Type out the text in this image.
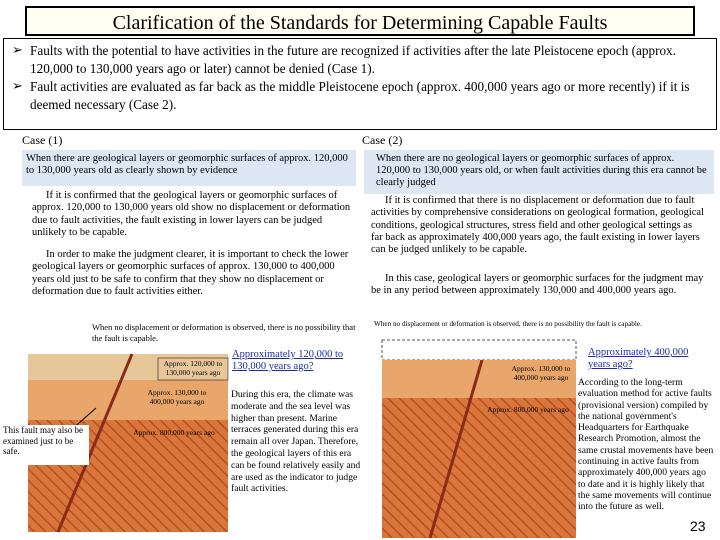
Clarification of the Standards for Determining Capable Faults
➢ Faults with the potential to have activities in the future are recognized if activities after the late Pleistocene epoch (approx. 120,000 to 130,000 years ago or later) cannot be denied (Case 1).
➢ Fault activities are evaluated as far back as the middle Pleistocene epoch (approx. 400,000 years ago or more recently) if it is deemed necessary (Case 2).
Case (1)
When there are geological layers or geomorphic surfaces of approx. 120,000 to 130,000 years old as clearly shown by evidence
If it is confirmed that the geological layers or geomorphic surfaces of approx. 120,000 to 130,000 years old show no displacement or deformation due to fault activities, the fault existing in lower layers can be judged unlikely to be capable.
In order to make the judgment clearer, it is important to check the lower geological layers or geomorphic surfaces of approx. 130,000 to 400,000 years old just to be safe to confirm that they show no displacement or deformation due to fault activities either.
When no displacement or deformation is observed, there is no possibility that the fault is capable.
Approx. 120,000 to 130,000 years ago
Approx. 130,000 to 400,000 years ago
Approx. 800,000 years ago
This fault may also be examined just to be safe.
Approximately 120,000 to 130,000 years ago?
During this era, the climate was moderate and the sea level was higher than present. Marine terraces generated during this era remain all over Japan. Therefore, the geological layers of this era can be found relatively easily and are used as the indicator to judge fault activities.
Case (2)
When there are no geological layers or geomorphic surfaces of approx. 120,000 to 130,000 years old, or when fault activities during this era cannot be clearly judged
If it is confirmed that there is no displacement or deformation due to fault activities by comprehensive considerations on geological formation, geological conditions, geological structures, stress field and other geological settings as far back as approximately 400,000 years ago, the fault existing in lower layers can be judged unlikely to be capable.
In this case, geological layers or geomorphic surfaces for the judgment may be in any period between approximately 130,000 and 400,000 years ago.
When no displacement or deformation is observed, there is no possibility the fault is capable.
Approx. 130,000 to 400,000 years ago
Approx. 800,000 years ago
Approximately 400,000 years ago?
According to the long-term evaluation method for active faults (provisional version) compiled by the national government's Headquarters for Earthquake Research Promotion, almost the same crustal movements have been continuing in active faults from approximately 400,000 years ago to date and it is highly likely that the same movements will continue into the future as well.
23
